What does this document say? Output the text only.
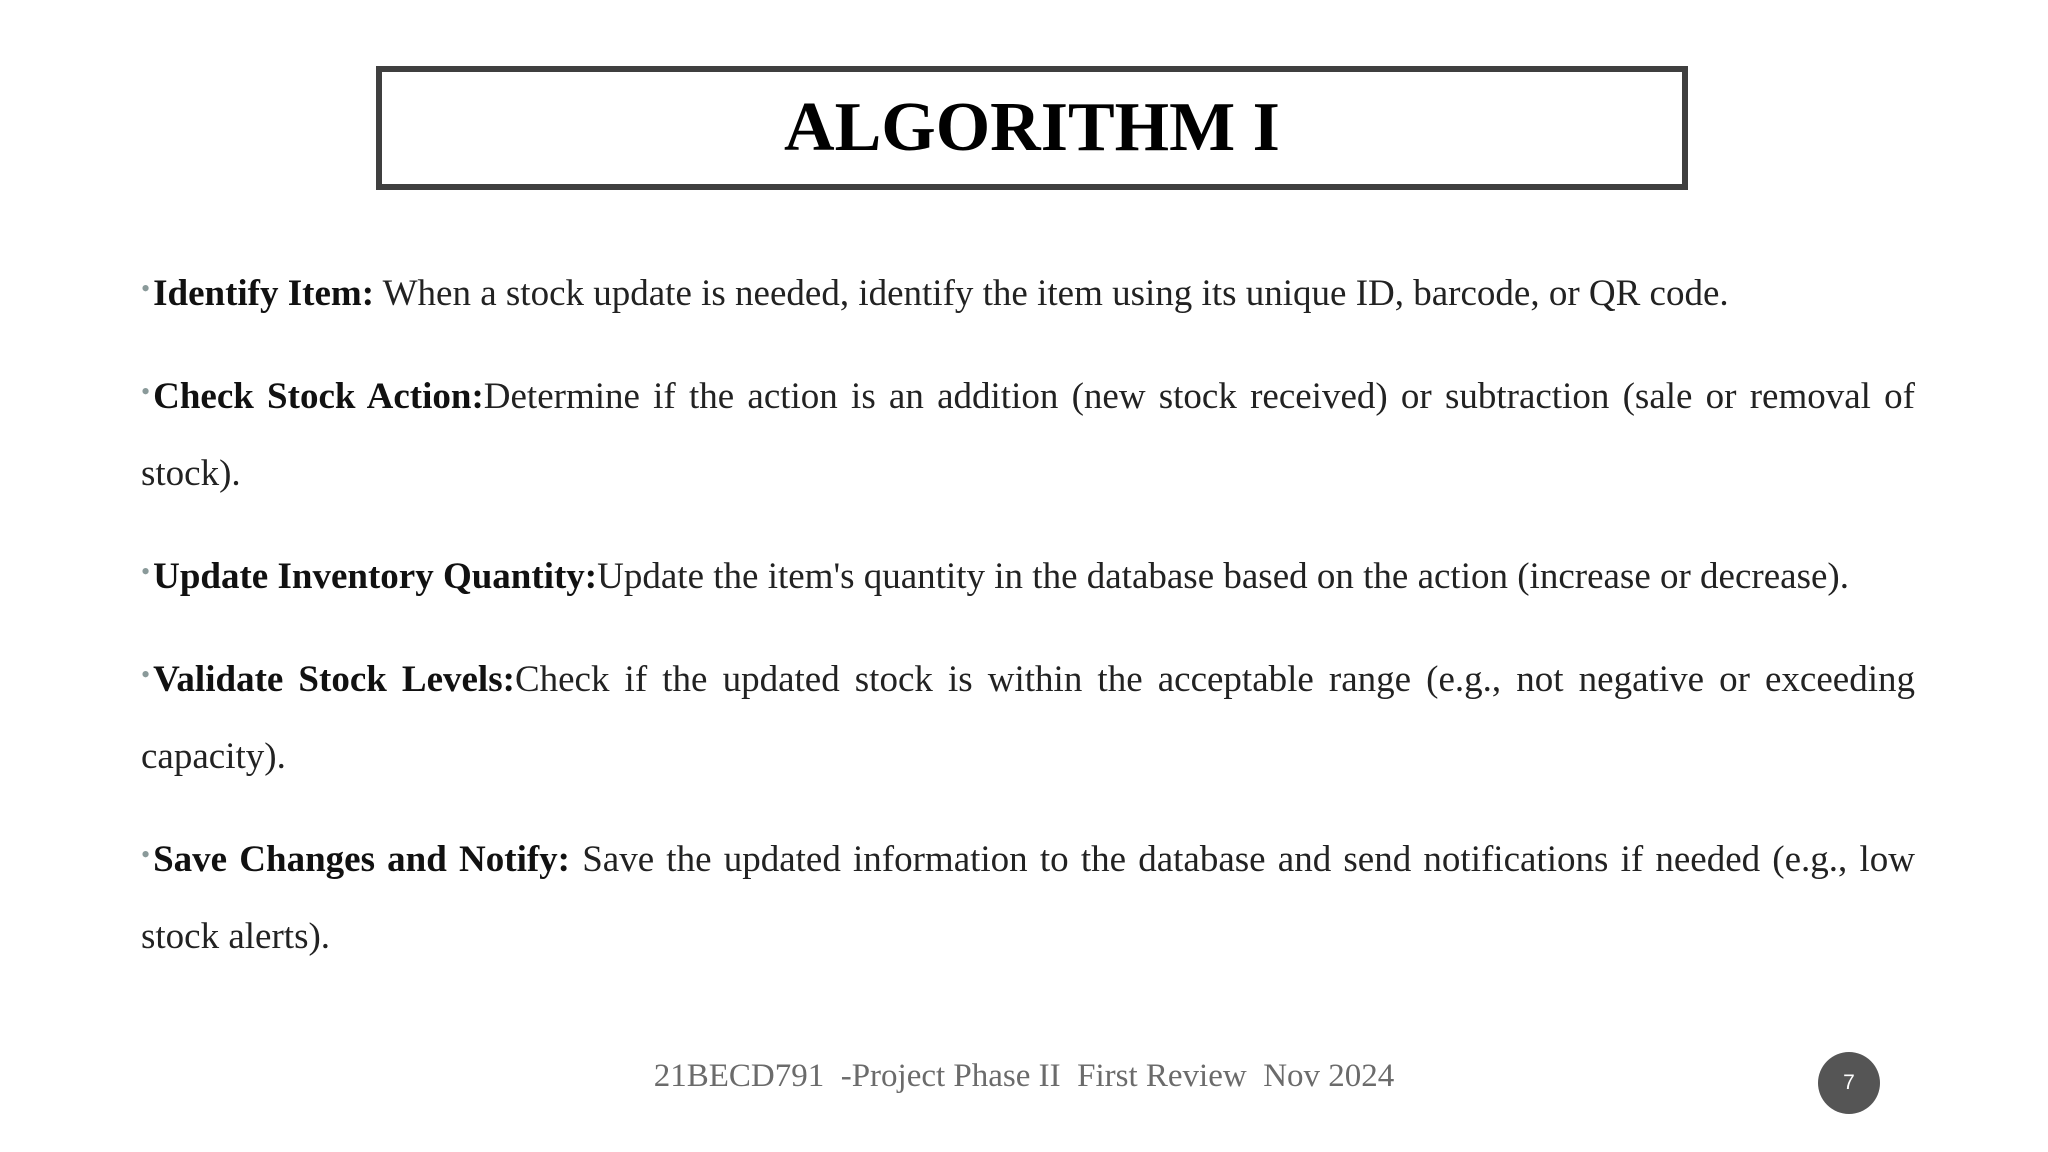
ALGORITHM I

•Identify Item: When a stock update is needed, identify the item using its unique ID, barcode, or QR code.

•Check Stock Action:Determine if the action is an addition (new stock received) or subtraction (sale or removal of stock).

•Update Inventory Quantity:Update the item's quantity in the database based on the action (increase or decrease).

•Validate Stock Levels:Check if the updated stock is within the acceptable range (e.g., not negative or exceeding capacity).

•Save Changes and Notify: Save the updated information to the database and send notifications if needed (e.g., low stock alerts).

21BECD791  -Project Phase II  First Review  Nov 2024	7
